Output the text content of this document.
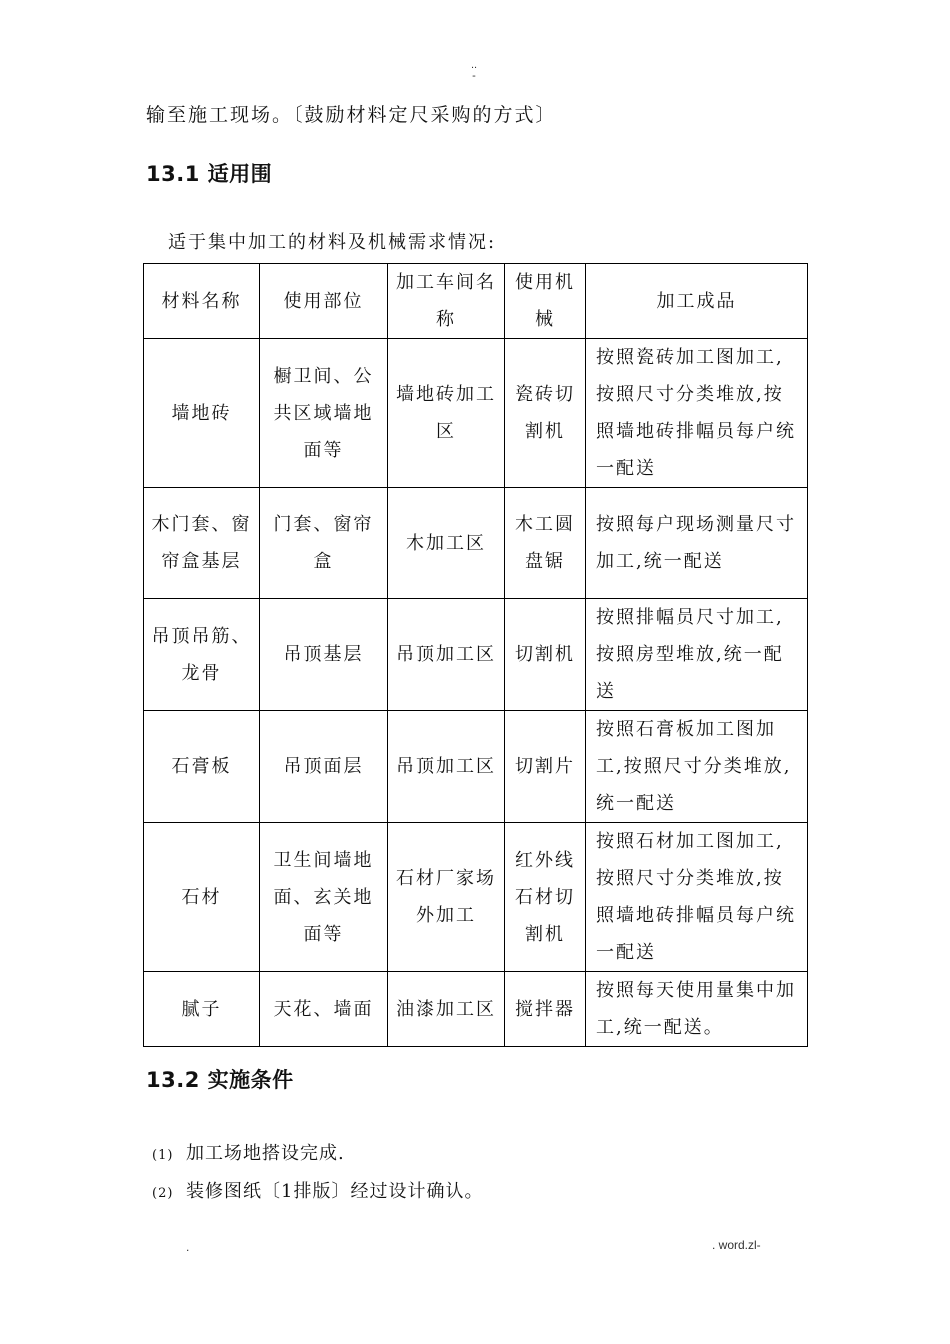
..
-
输至施工现场。〔鼓励材料定尺采购的方式〕
13.1 适用围
适于集中加工的材料及机械需求情况:
材料名称	使用部位	加工车间名称	使用机械	加工成品
墙地砖	橱卫间、公共区域墙地面等	墙地砖加工区	瓷砖切割机	按照瓷砖加工图加工,按照尺寸分类堆放,按照墙地砖排幅员每户统一配送
木门套、窗帘盒基层	门套、窗帘盒	木加工区	木工圆盘锯	按照每户现场测量尺寸加工,统一配送
吊顶吊筋、龙骨	吊顶基层	吊顶加工区	切割机	按照排幅员尺寸加工,按照房型堆放,统一配送
石膏板	吊顶面层	吊顶加工区	切割片	按照石膏板加工图加工,按照尺寸分类堆放,统一配送
石材	卫生间墙地面、玄关地面等	石材厂家场外加工	红外线石材切割机	按照石材加工图加工,按照尺寸分类堆放,按照墙地砖排幅员每户统一配送
腻子	天花、墙面	油漆加工区	搅拌器	按照每天使用量集中加工,统一配送。
13.2 实施条件
(1) 加工场地搭设完成.
(2) 装修图纸〔1排版〕经过设计确认。
.	. word.zl-
